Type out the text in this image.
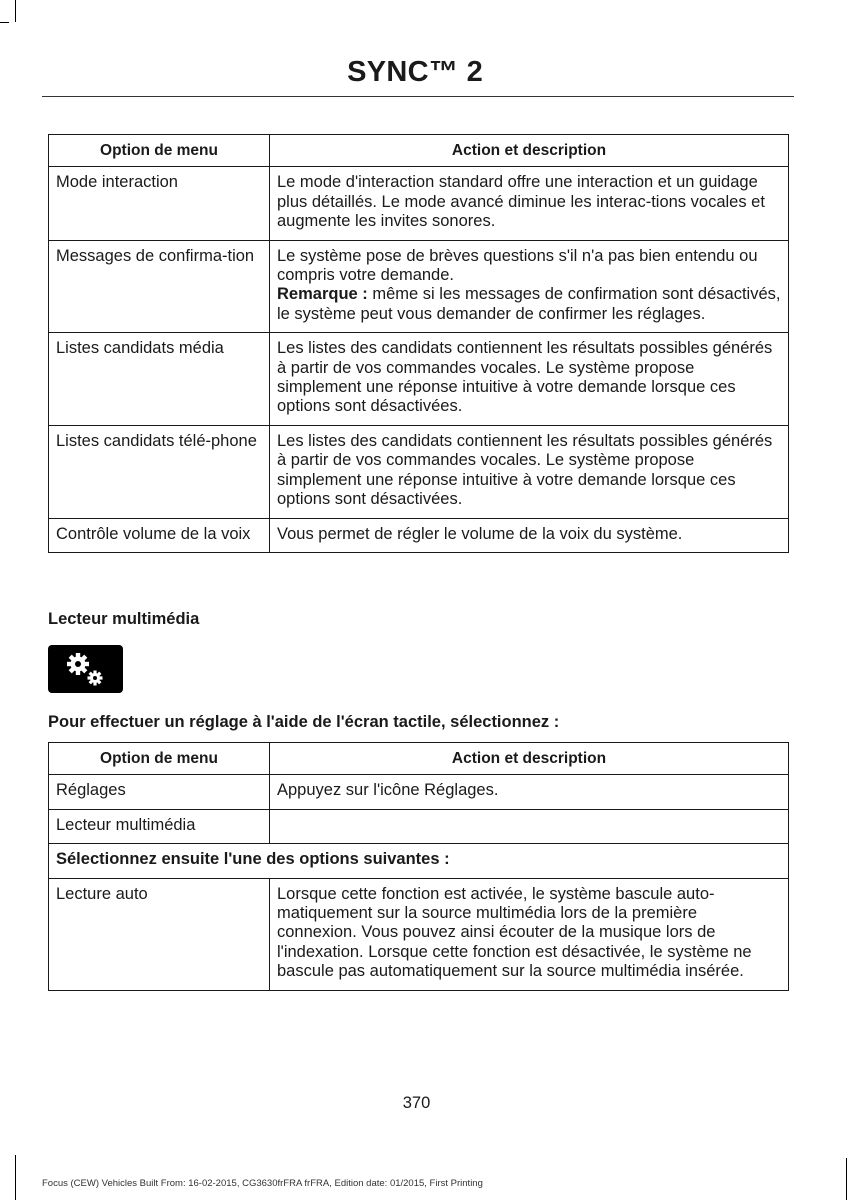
SYNC™ 2
Option de menu	Action et description
Mode interaction	Le mode d'interaction standard offre une interaction et un guidage plus détaillés. Le mode avancé diminue les interac-tions vocales et augmente les invites sonores.
Messages de confirma-tion	Le système pose de brèves questions s'il n'a pas bien entendu ou compris votre demande.
Remarque : même si les messages de confirmation sont désactivés, le système peut vous demander de confirmer les réglages.
Listes candidats média	Les listes des candidats contiennent les résultats possibles générés à partir de vos commandes vocales. Le système propose simplement une réponse intuitive à votre demande lorsque ces options sont désactivées.
Listes candidats télé-phone	Les listes des candidats contiennent les résultats possibles générés à partir de vos commandes vocales. Le système propose simplement une réponse intuitive à votre demande lorsque ces options sont désactivées.
Contrôle volume de la voix	Vous permet de régler le volume de la voix du système.
Lecteur multimédia
Pour effectuer un réglage à l'aide de l'écran tactile, sélectionnez :
Option de menu	Action et description
Réglages	Appuyez sur l'icône Réglages.
Lecteur multimédia	
Sélectionnez ensuite l'une des options suivantes :	
Lecture auto	Lorsque cette fonction est activée, le système bascule auto-matiquement sur la source multimédia lors de la première connexion. Vous pouvez ainsi écouter de la musique lors de l'indexation. Lorsque cette fonction est désactivée, le système ne bascule pas automatiquement sur la source multimédia insérée.
370
Focus (CEW) Vehicles Built From: 16-02-2015, CG3630frFRA frFRA, Edition date: 01/2015, First Printing
